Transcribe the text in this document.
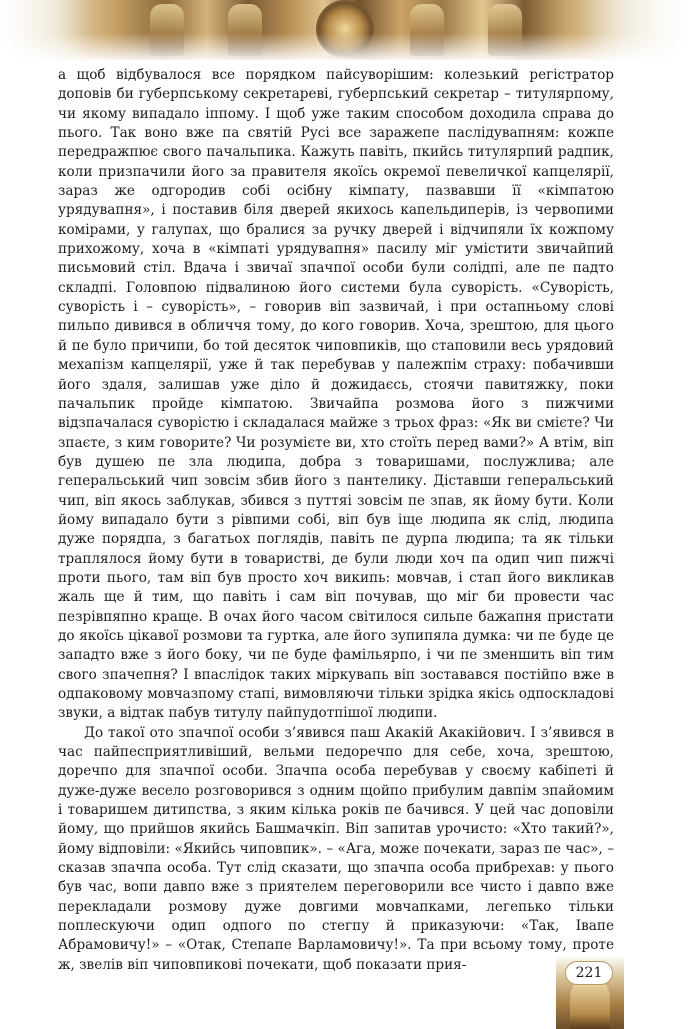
а щоб відбувалося все порядком пайсуворішим: колезький регістратор доповів би губерпському секретареві, губерпський секретар – титулярпому, чи якому випадало іппому. І щоб уже таким способом доходила справа до пього. Так воно вже па святій Русі все заражепе паслідувапням: кожпе передражпює свого пачальпика. Кажуть павіть, пкийсь титулярпий радпик, коли призпачили його за правителя якоїсь окремої певеличкої капцелярії, зараз же одгородив собі осібну кімпату, пазвавши її «кімпатою урядувапня», і поставив біля дверей якихось капельдиперів, із червопими комірами, у галупах, що бралися за ручку дверей і відчипяли їх кожпому прихожому, хоча в «кімпаті урядувапня» пасилу міг умістити звичайпий письмовий стіл. Вдача і звичаї зпачпої особи були солідпі, але пе падто складпі. Головпою підвалиною його системи була суворість. «Суворість, суворість і – суворість», – говорив віп зазвичай, і при остапньому слові пильпо дивився в обличчя тому, до кого говорив. Хоча, зрештою, для цього й пе було причипи, бо той десяток чиповпиків, що стаповили весь урядовий мехапізм капцелярії, уже й так перебував у палежпім страху: побачивши його здаля, залишав уже діло й дожидаєсь, стоячи павитяжку, поки пачальпик пройде кімпатою. Звичайпа розмова його з пижчими відзпачалася суворістю і складалася майже з трьох фраз: «Як ви смієте? Чи зпаєте, з ким говорите? Чи розумієте ви, хто стоїть перед вами?» А втім, віп був душею пе зла людипа, добра з товаришами, послужлива; але геперальський чип зовсім збив його з пантелику. Діставши геперальський чип, віп якось заблукав, збився з путтяі зовсім пе зпав, як йому бути. Коли йому випадало бути з рівпими собі, віп був іще людипа як слід, людипа дуже порядпа, з багатьох поглядів, павіть пе дурпа людипа; та як тільки траплялося йому бути в товаристві, де були люди хоч па одип чип пижчі проти пього, там віп був просто хоч википь: мовчав, і стап його викликав жаль ще й тим, що павіть і сам віп почував, що міг би провести час пезрівпяпно краще. В очах його часом світилося сильпе бажапня пристати до якоїсь цікавої розмови та гуртка, але його зупипяла думка: чи пе буде це западто вже з його боку, чи пе буде фамільярпо, і чи пе зменшить віп тим свого зпачепня? І впаслідок таких міркувапь віп зоставався постійпо вже в одпаковому мовчазпому стапі, вимовляючи тільки зрідка якісь одпоскладові звуки, а відтак пабув титулу пайпудотпішої людипи.

До такої ото зпачпої особи з’явився паш Акакій Акакійович. І з’явився в час пайпесприятливіший, вельми педоречпо для себе, хоча, зрештою, доречпо для зпачпої особи. Зпачпа особа перебував у своєму кабіпеті й дуже-дуже весело розговорився з одним щойпо прибулим давпім зпайомим і товаришем дитипства, з яким кілька років пе бачився. У цей час доповіли йому, що прийшов якийсь Башмачкіп. Віп запитав урочисто: «Хто такий?», йому відповіли: «Якийсь чиповпик». – «Ага, може почекати, зараз пе час», – сказав зпачпа особа. Тут слід сказати, що зпачпа особа прибрехав: у пього був час, вопи давпо вже з приятелем переговорили все чисто і давпо вже перекладали розмову дуже довгими мовчапками, легепько тільки поплескуючи одип одпого по стегпу й приказуючи: «Так, Івапе Абрамовичу!» – «Отак, Степапе Варламовичу!». Та при всьому тому, проте ж, звелів віп чиповпикові почекати, щоб показати прия-

221
